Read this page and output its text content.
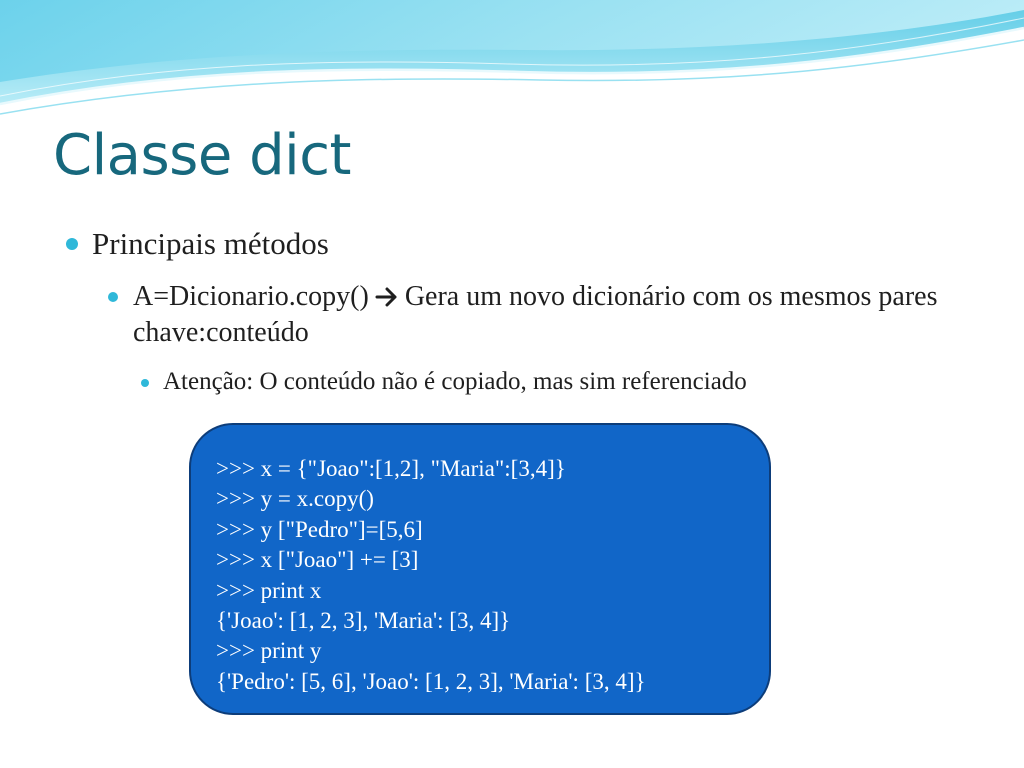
Classe dict
Principais métodos
A=Dicionario.copy() Gera um novo dicionário com os mesmos pares chave:conteúdo
Atenção: O conteúdo não é copiado, mas sim referenciado
>>> x = {"Joao":[1,2], "Maria":[3,4]}
>>> y = x.copy()
>>> y ["Pedro"]=[5,6]
>>> x ["Joao"] += [3]
>>> print x
{'Joao': [1, 2, 3], 'Maria': [3, 4]}
>>> print y
{'Pedro': [5, 6], 'Joao': [1, 2, 3], 'Maria': [3, 4]}
